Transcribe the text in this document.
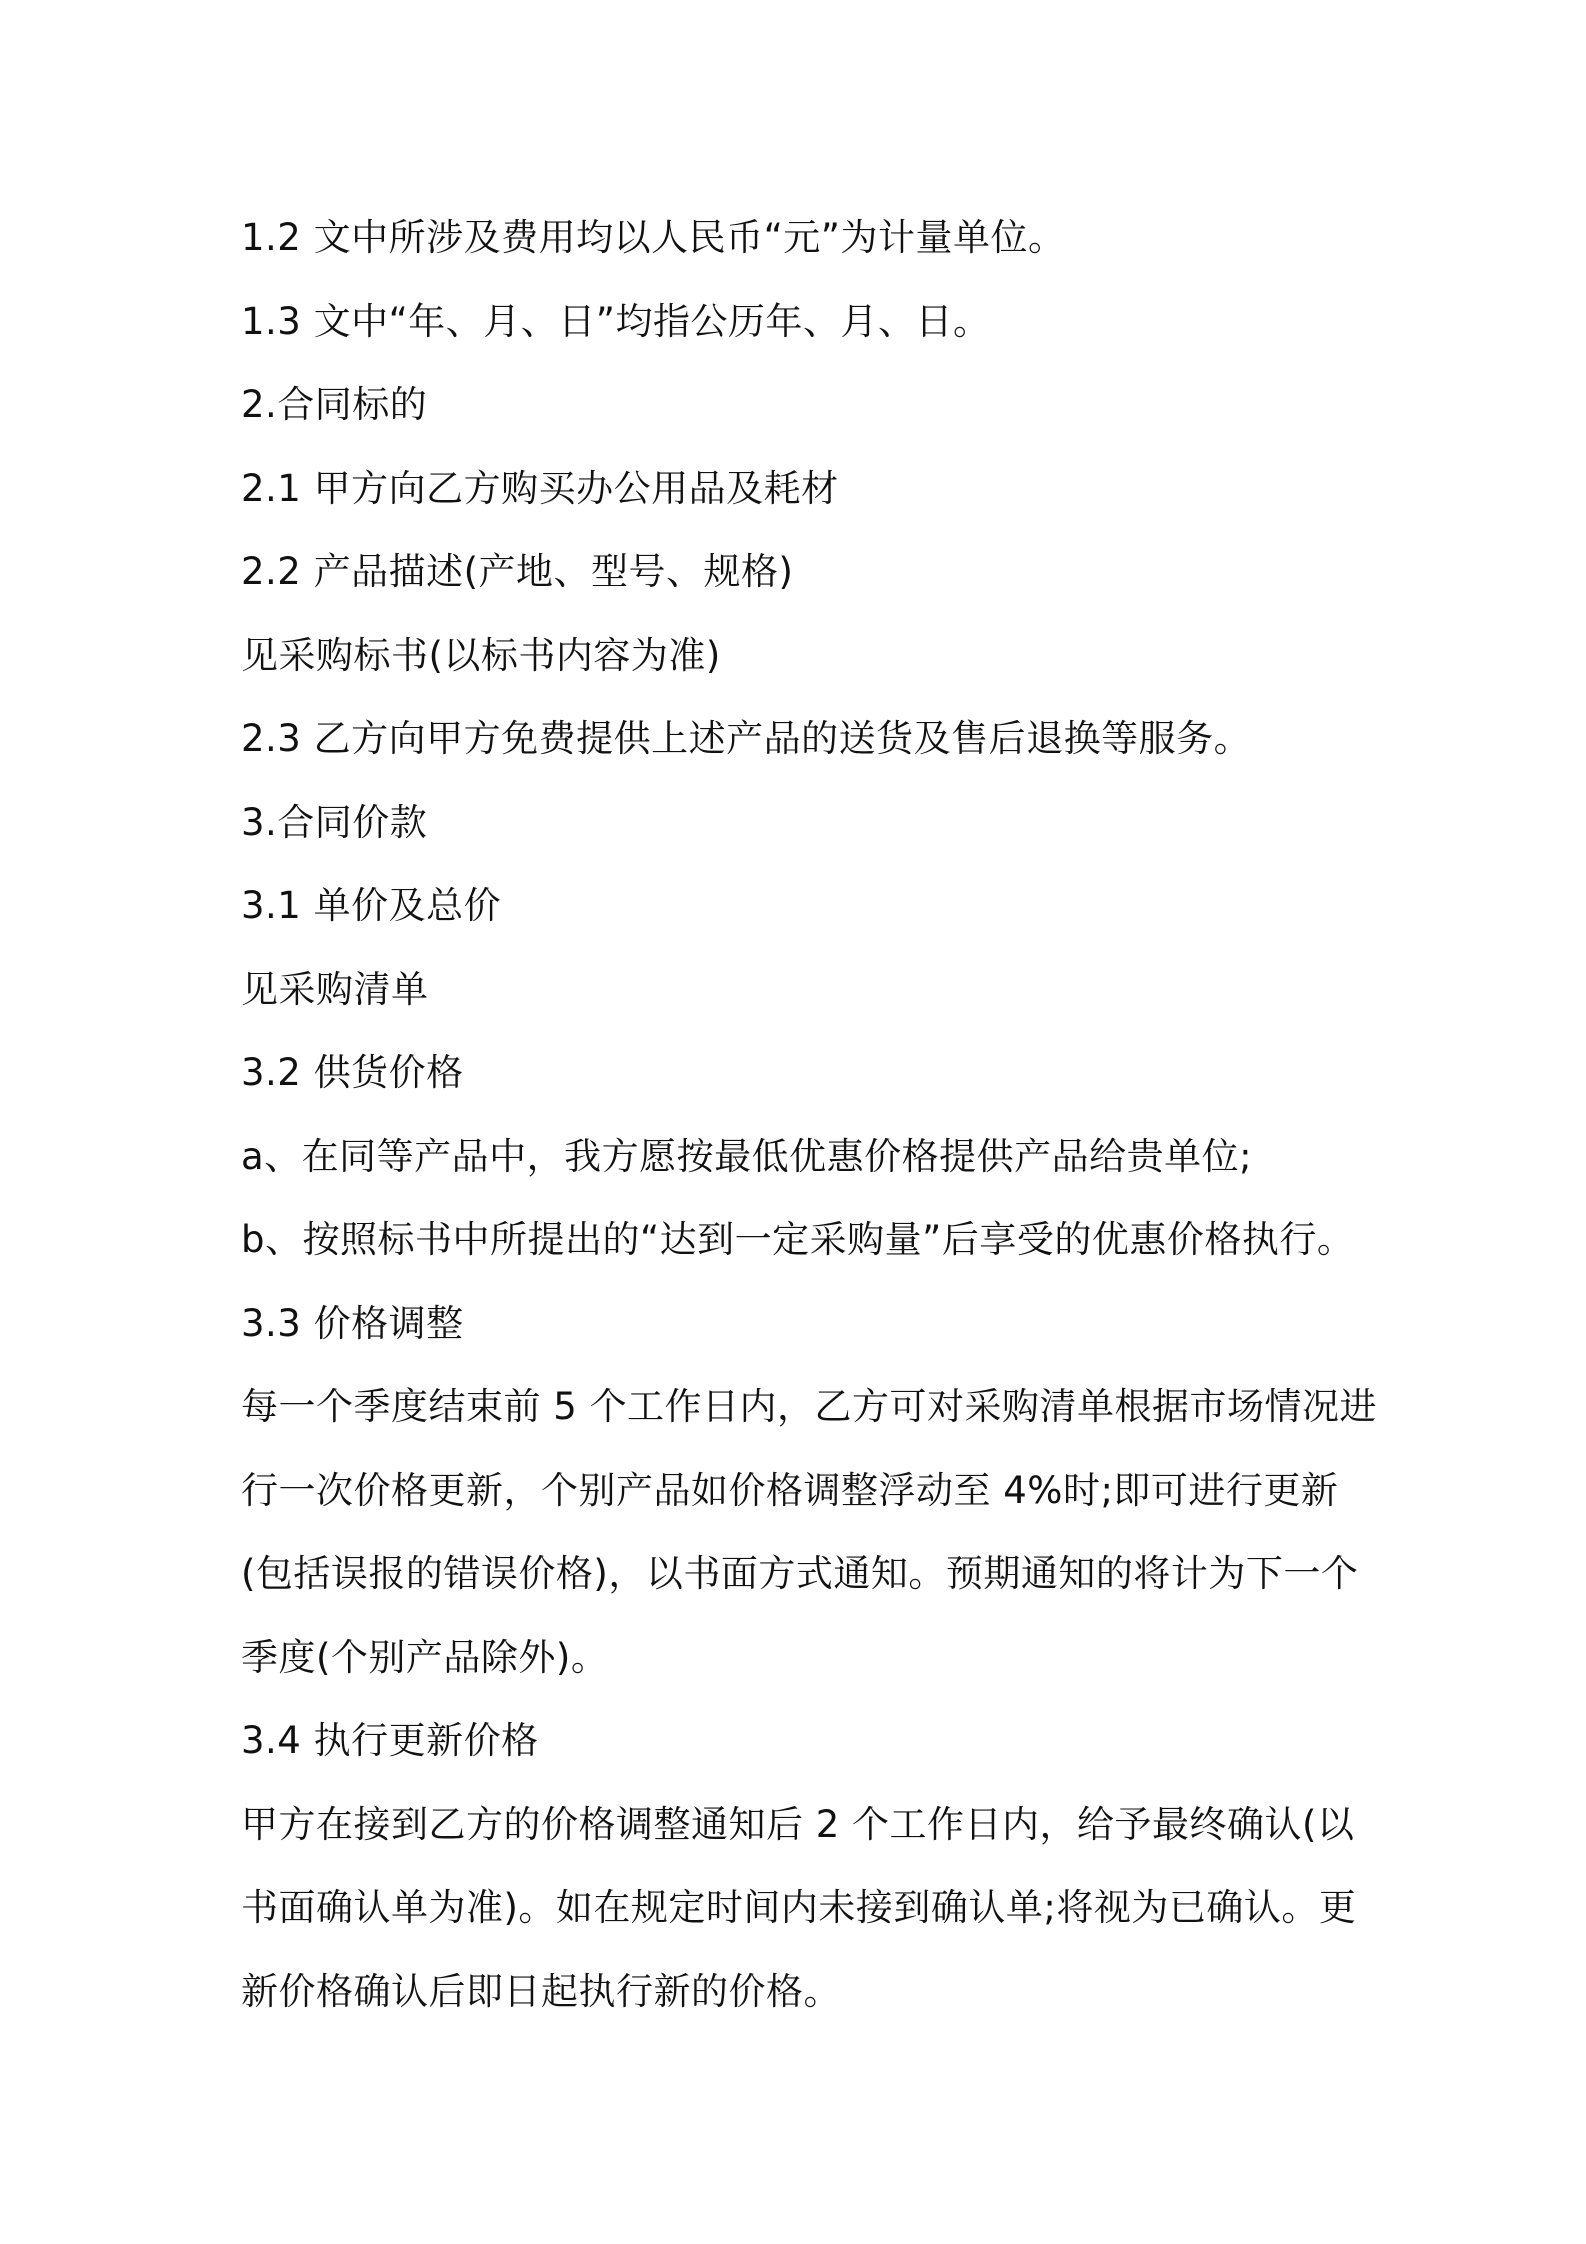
1.2 文中所涉及费用均以人民币“元”为计量单位。
1.3 文中“年、月、日”均指公历年、月、日。
2.合同标的
2.1 甲方向乙方购买办公用品及耗材
2.2 产品描述(产地、型号、规格)
见采购标书(以标书内容为准)
2.3 乙方向甲方免费提供上述产品的送货及售后退换等服务。
3.合同价款
3.1 单价及总价
见采购清单
3.2 供货价格
a、在同等产品中，我方愿按最低优惠价格提供产品给贵单位;
b、按照标书中所提出的“达到一定采购量”后享受的优惠价格执行。
3.3 价格调整
每一个季度结束前 5 个工作日内，乙方可对采购清单根据市场情况进
行一次价格更新，个别产品如价格调整浮动至 4%时;即可进行更新
(包括误报的错误价格)，以书面方式通知。预期通知的将计为下一个
季度(个别产品除外)。
3.4 执行更新价格
甲方在接到乙方的价格调整通知后 2 个工作日内，给予最终确认(以
书面确认单为准)。如在规定时间内未接到确认单;将视为已确认。更
新价格确认后即日起执行新的价格。
